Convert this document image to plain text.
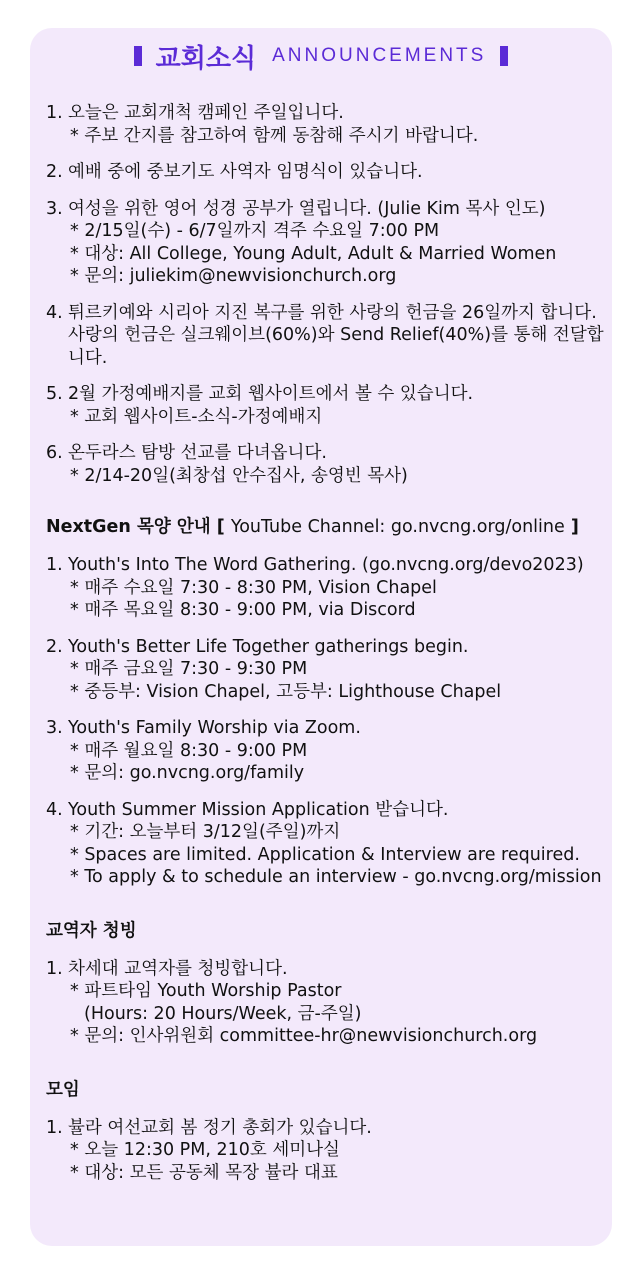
교회소식 ANNOUNCEMENTS
1. 오늘은 교회개척 캠페인 주일입니다.
* 주보 간지를 참고하여 함께 동참해 주시기 바랍니다.
2. 예배 중에 중보기도 사역자 임명식이 있습니다.
3. 여성을 위한 영어 성경 공부가 열립니다. (Julie Kim 목사 인도)
* 2/15일(수) - 6/7일까지 격주 수요일 7:00 PM
* 대상: All College, Young Adult, Adult & Married Women
* 문의: juliekim@newvisionchurch.org
4. 튀르키예와 시리아 지진 복구를 위한 사랑의 헌금을 26일까지 합니다. 사랑의 헌금은 실크웨이브(60%)와 Send Relief(40%)를 통해 전달합니다.
5. 2월 가정예배지를 교회 웹사이트에서 볼 수 있습니다.
* 교회 웹사이트-소식-가정예배지
6. 온두라스 탐방 선교를 다녀옵니다.
* 2/14-20일(최창섭 안수집사, 송영빈 목사)
NextGen 목양 안내 [ YouTube Channel: go.nvcng.org/online ]
1. Youth's Into The Word Gathering. (go.nvcng.org/devo2023)
* 매주 수요일 7:30 - 8:30 PM, Vision Chapel
* 매주 목요일 8:30 - 9:00 PM, via Discord
2. Youth's Better Life Together gatherings begin.
* 매주 금요일 7:30 - 9:30 PM
* 중등부: Vision Chapel, 고등부: Lighthouse Chapel
3. Youth's Family Worship via Zoom.
* 매주 월요일 8:30 - 9:00 PM
* 문의: go.nvcng.org/family
4. Youth Summer Mission Application 받습니다.
* 기간: 오늘부터 3/12일(주일)까지
* Spaces are limited. Application & Interview are required.
* To apply & to schedule an interview - go.nvcng.org/mission
교역자 청빙
1. 차세대 교역자를 청빙합니다.
* 파트타임 Youth Worship Pastor
(Hours: 20 Hours/Week, 금-주일)
* 문의: 인사위원회 committee-hr@newvisionchurch.org
모임
1. 뷸라 여선교회 봄 정기 총회가 있습니다.
* 오늘 12:30 PM, 210호 세미나실
* 대상: 모든 공동체 목장 뷸라 대표
